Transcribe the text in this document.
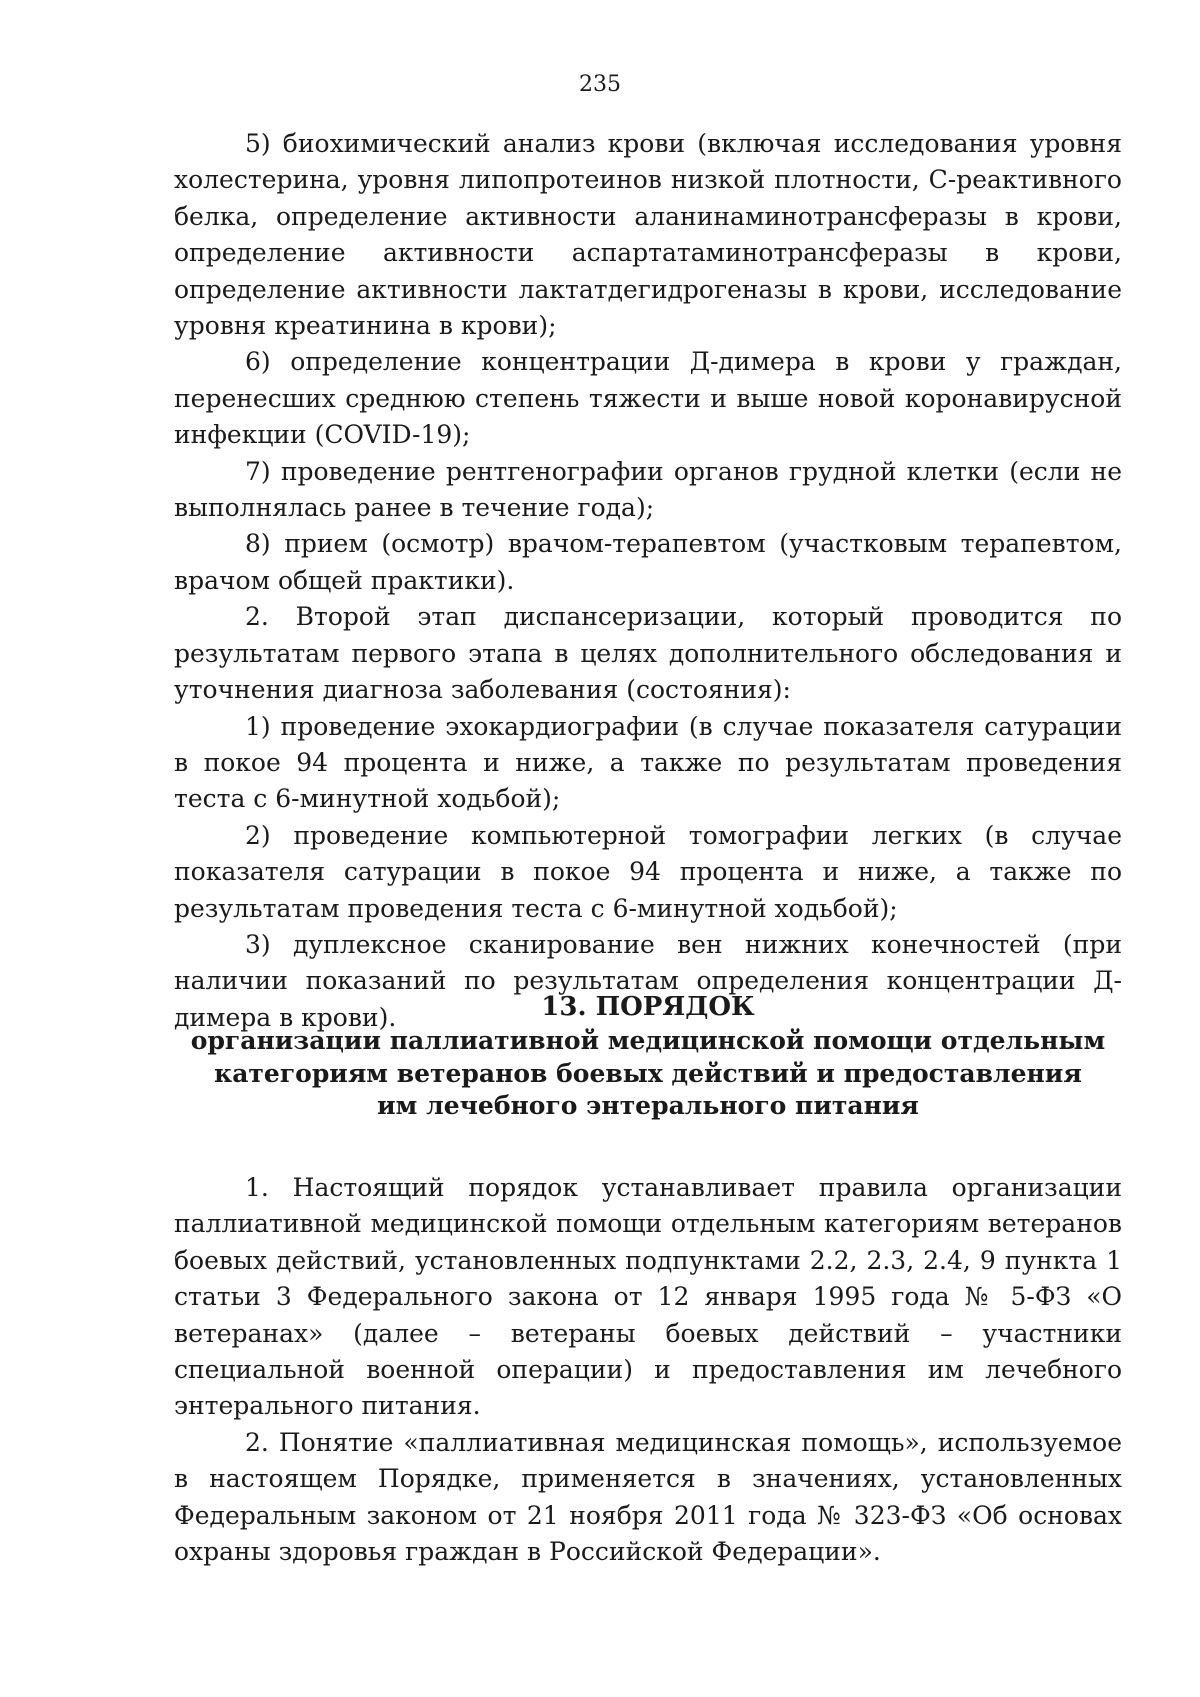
235

5) биохимический анализ крови (включая исследования уровня холестерина, уровня липопротеинов низкой плотности, С-реактивного белка, определение активности аланинаминотрансферазы в крови, определение активности аспартатаминотрансферазы в крови, определение активности лактатдегидрогеназы в крови, исследование уровня креатинина в крови);

6) определение концентрации Д-димера в крови у граждан, перенесших среднюю степень тяжести и выше новой коронавирусной инфекции (COVID-19);

7) проведение рентгенографии органов грудной клетки (если не выполнялась ранее в течение года);

8) прием (осмотр) врачом-терапевтом (участковым терапевтом, врачом общей практики).

2. Второй этап диспансеризации, который проводится по результатам первого этапа в целях дополнительного обследования и уточнения диагноза заболевания (состояния):

1) проведение эхокардиографии (в случае показателя сатурации в покое 94 процента и ниже, а также по результатам проведения теста с 6-минутной ходьбой);

2) проведение компьютерной томографии легких (в случае показателя сатурации в покое 94 процента и ниже, а также по результатам проведения теста с 6-минутной ходьбой);

3) дуплексное сканирование вен нижних конечностей (при наличии показаний по результатам определения концентрации Д-димера в крови).	13. ПОРЯДОК
организации паллиативной медицинской помощи отдельным
категориям ветеранов боевых действий и предоставления
им лечебного энтерального питания

1. Настоящий порядок устанавливает правила организации паллиативной медицинской помощи отдельным категориям ветеранов боевых действий, установленных подпунктами 2.2, 2.3, 2.4, 9 пункта 1 статьи 3 Федерального закона от 12 января 1995 года № 5-ФЗ «О ветеранах» (далее – ветераны боевых действий – участники специальной военной операции) и предоставления им лечебного энтерального питания.

2. Понятие «паллиативная медицинская помощь», используемое в настоящем Порядке, применяется в значениях, установленных Федеральным законом от 21 ноября 2011 года № 323-ФЗ «Об основах охраны здоровья граждан в Российской Федерации».
